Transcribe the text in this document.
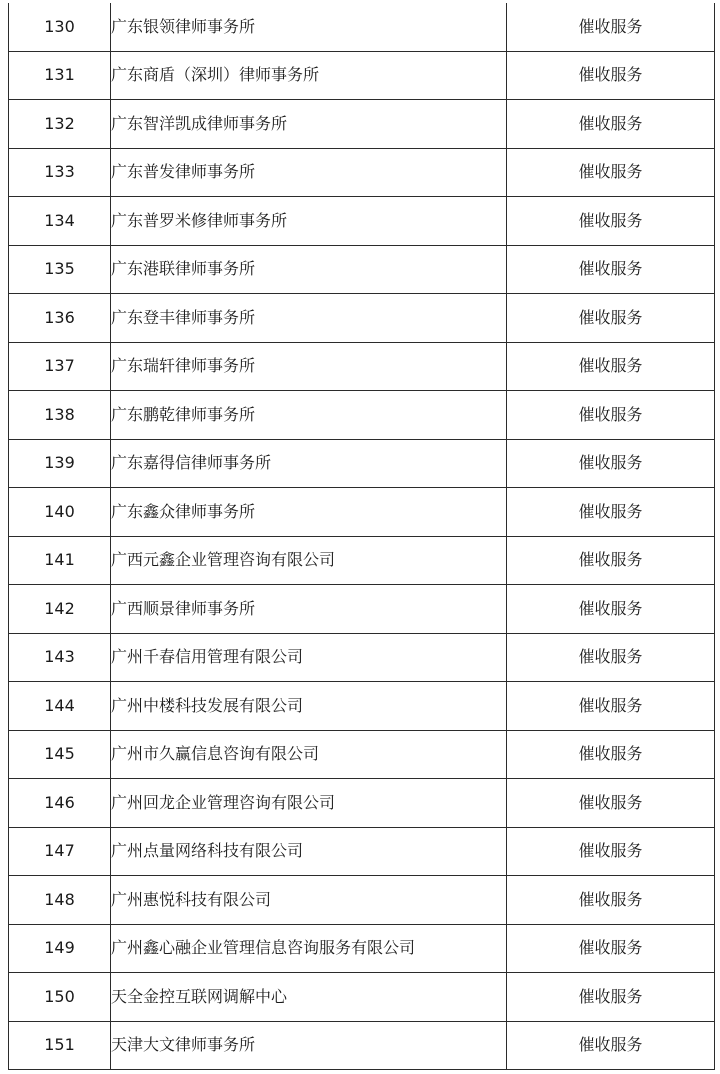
130	广东银领律师事务所	催收服务
131	广东商盾（深圳）律师事务所	催收服务
132	广东智洋凯成律师事务所	催收服务
133	广东普发律师事务所	催收服务
134	广东普罗米修律师事务所	催收服务
135	广东港联律师事务所	催收服务
136	广东登丰律师事务所	催收服务
137	广东瑞轩律师事务所	催收服务
138	广东鹏乾律师事务所	催收服务
139	广东嘉得信律师事务所	催收服务
140	广东鑫众律师事务所	催收服务
141	广西元鑫企业管理咨询有限公司	催收服务
142	广西顺景律师事务所	催收服务
143	广州千春信用管理有限公司	催收服务
144	广州中楼科技发展有限公司	催收服务
145	广州市久赢信息咨询有限公司	催收服务
146	广州回龙企业管理咨询有限公司	催收服务
147	广州点量网络科技有限公司	催收服务
148	广州惠悦科技有限公司	催收服务
149	广州鑫心融企业管理信息咨询服务有限公司	催收服务
150	天全金控互联网调解中心	催收服务
151	天津大文律师事务所	催收服务
